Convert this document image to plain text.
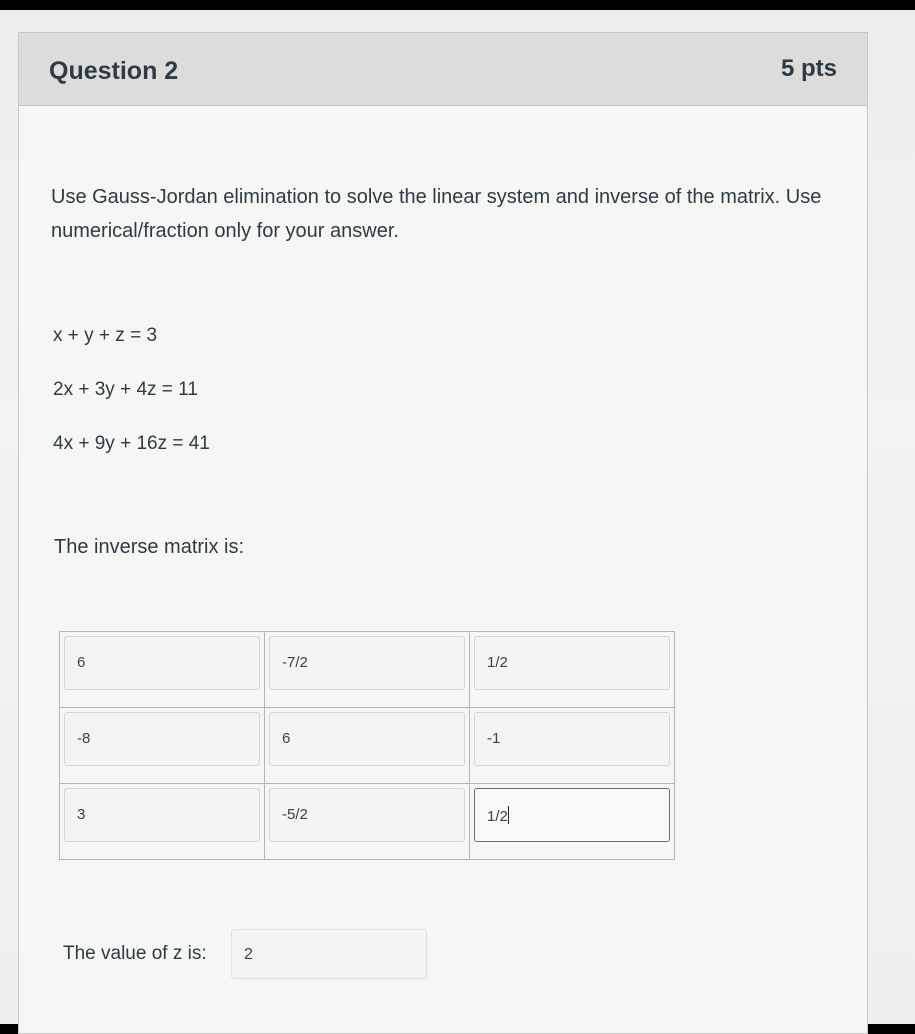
Question 2	5 pts
Use Gauss-Jordan elimination to solve the linear system and inverse of the matrix. Use numerical/fraction only for your answer.
x + y + z = 3
2x + 3y + 4z = 11
4x + 9y + 16z = 41
The inverse matrix is:
6	-7/2	1/2

-8	6	-1

3	-5/2	1/2
The value of z is:	2
